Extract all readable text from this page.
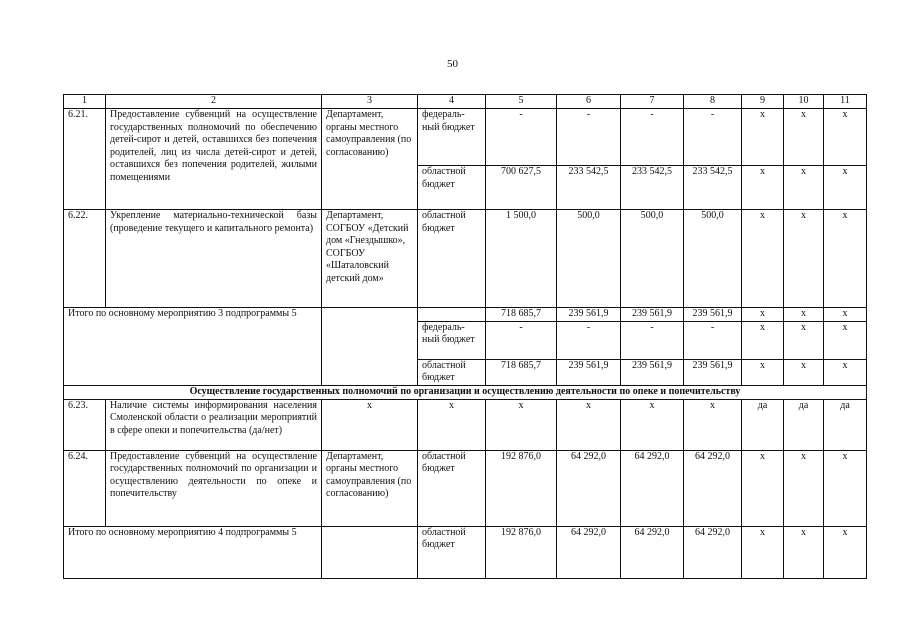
50
1	2	3	4	5	6	7	8	9	10	11
6.21.	Предоставление субвенций на осуществление государственных полномочий по обеспечению детей-сирот и детей, оставшихся без попечения родителей, лиц из числа детей-сирот и детей, оставшихся без попечения родителей, жилыми помещениями	Департамент, органы местного самоуправления (по согласованию)	федераль-ный бюджет	-	-	-	-	х	х	х
			областной бюджет	700 627,5	233 542,5	233 542,5	233 542,5	х	х	х
6.22.	Укрепление материально-технической базы (проведение текущего и капитального ремонта)	Департамент, СОГБОУ «Детский дом «Гнездышко», СОГБОУ «Шаталовский детский дом»	областной бюджет	1 500,0	500,0	500,0	500,0	х	х	х
Итого по основному мероприятию 3 подпрограммы 5				718 685,7	239 561,9	239 561,9	239 561,9	х	х	х
			федераль-ный бюджет	-	-	-	-	х	х	х
			областной бюджет	718 685,7	239 561,9	239 561,9	239 561,9	х	х	х
Осуществление государственных полномочий по организации и осуществлению деятельности по опеке и попечительству										
6.23.	Наличие системы информирования населения Смоленской области о реализации мероприятий в сфере опеки и попечительства (да/нет)	х	х	х	х	х	х	да	да	да
6.24.	Предоставление субвенций на осуществление государственных полномочий по организации и осуществлению деятельности по опеке и попечительству	Департамент, органы местного самоуправления (по согласованию)	областной бюджет	192 876,0	64 292,0	64 292,0	64 292,0	х	х	х
Итого по основному мероприятию 4 подпрограммы 5			областной бюджет	192 876,0	64 292,0	64 292,0	64 292,0	х	х	х
